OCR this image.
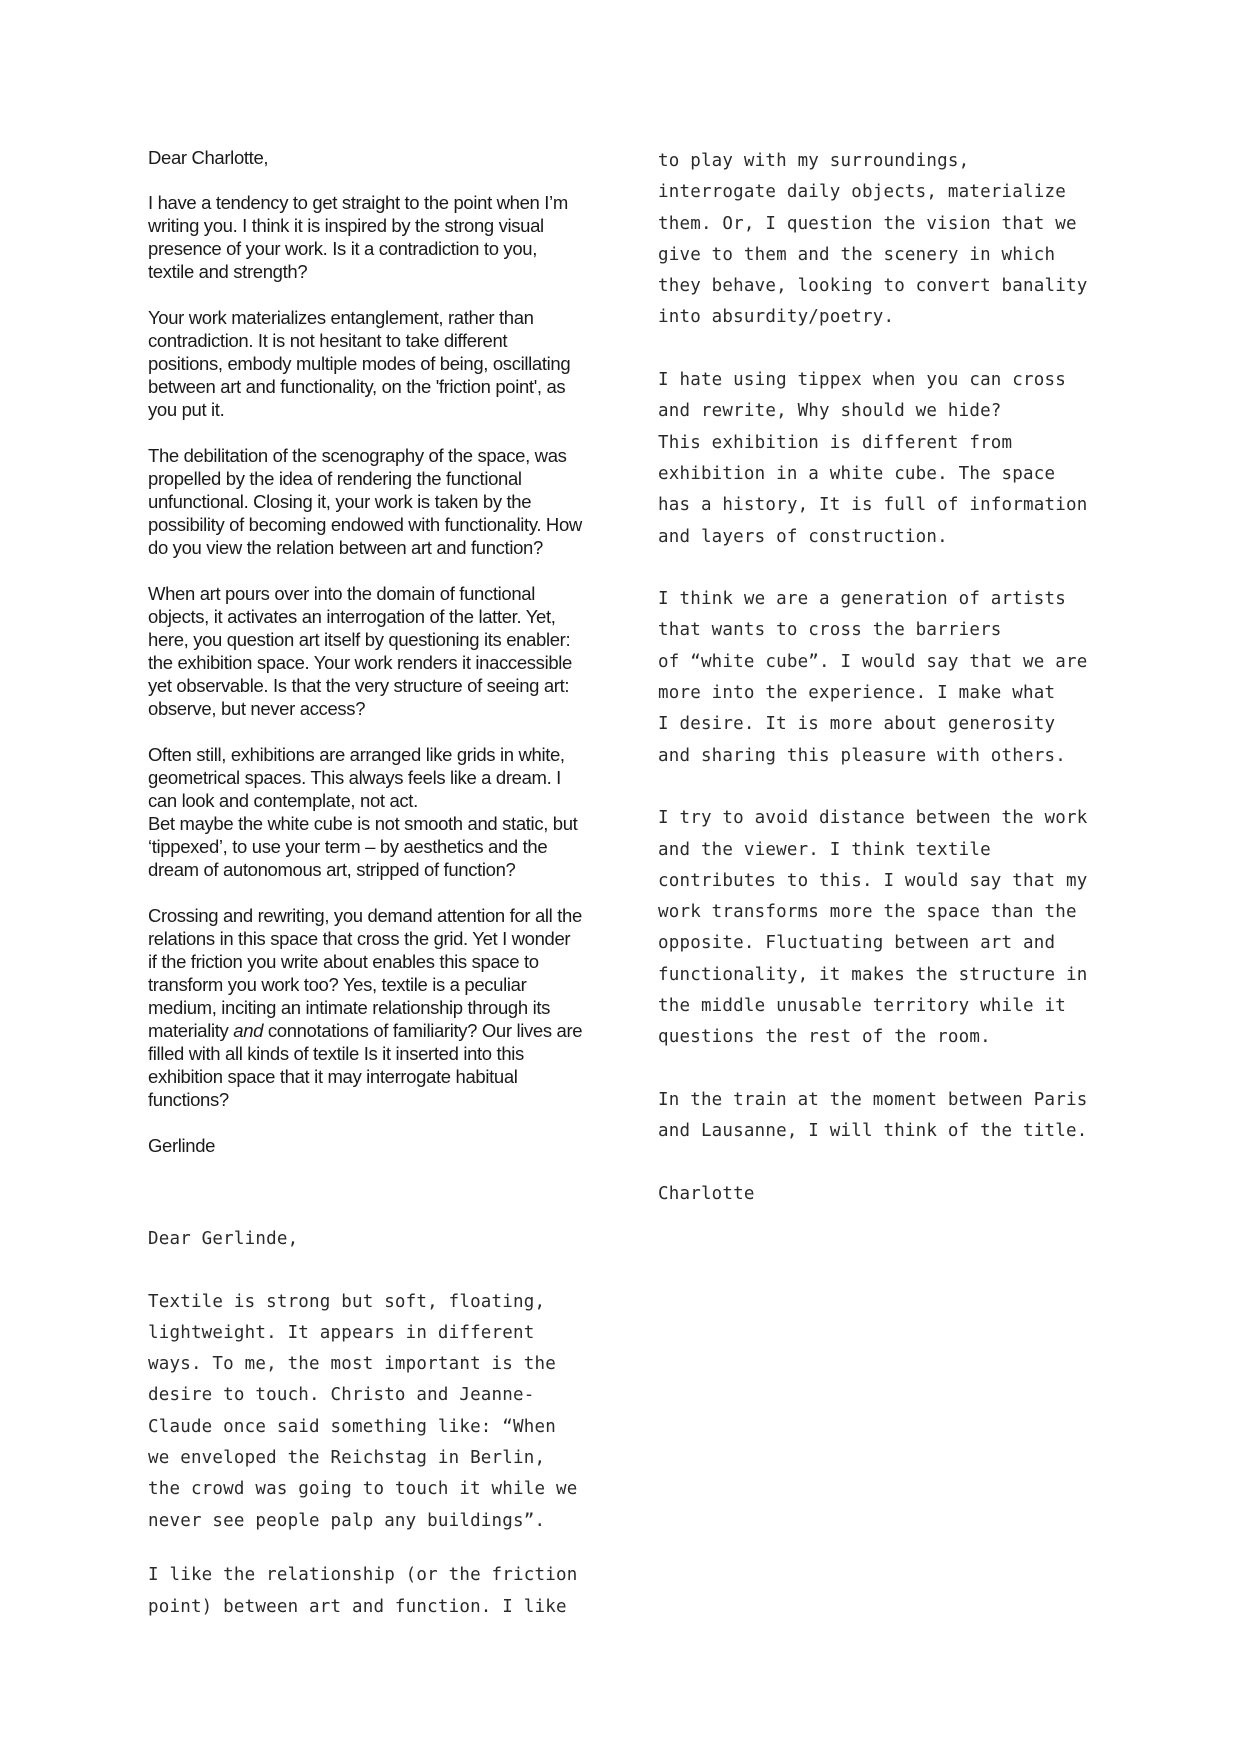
Dear Charlotte,

I have a tendency to get straight to the point when I’m
writing you. I think it is inspired by the strong visual
presence of your work. Is it a contradiction to you,
textile and strength?

Your work materializes entanglement, rather than
contradiction. It is not hesitant to take different
positions, embody multiple modes of being, oscillating
between art and functionality, on the 'friction point', as
you put it.

The debilitation of the scenography of the space, was
propelled by the idea of rendering the functional
unfunctional. Closing it, your work is taken by the
possibility of becoming endowed with functionality. How
do you view the relation between art and function?

When art pours over into the domain of functional
objects, it activates an interrogation of the latter. Yet,
here, you question art itself by questioning its enabler:
the exhibition space. Your work renders it inaccessible
yet observable. Is that the very structure of seeing art:
observe, but never access?

Often still, exhibitions are arranged like grids in white,
geometrical spaces. This always feels like a dream. I
can look and contemplate, not act.
Bet maybe the white cube is not smooth and static, but
‘tippexed’, to use your term – by aesthetics and the
dream of autonomous art, stripped of function?

Crossing and rewriting, you demand attention for all the
relations in this space that cross the grid. Yet I wonder
if the friction you write about enables this space to
transform you work too? Yes, textile is a peculiar
medium, inciting an intimate relationship through its
materiality and connotations of familiarity? Our lives are
filled with all kinds of textile Is it inserted into this
exhibition space that it may interrogate habitual
functions?

Gerlinde

Dear Gerlinde,

Textile is strong but soft, floating,
lightweight. It appears in different
ways. To me, the most important is the
desire to touch. Christo and Jeanne-
Claude once said something like: “When
we enveloped the Reichstag in Berlin,
the crowd was going to touch it while we
never see people palp any buildings”.

I like the relationship (or the friction
point) between art and function. I like

to play with my surroundings,
interrogate daily objects, materialize
them. Or, I question the vision that we
give to them and the scenery in which
they behave, looking to convert banality
into absurdity/poetry.

I hate using tippex when you can cross
and rewrite, Why should we hide?
This exhibition is different from
exhibition in a white cube. The space
has a history, It is full of information
and layers of construction.

I think we are a generation of artists
that wants to cross the barriers
of “white cube”. I would say that we are
more into the experience. I make what
I desire. It is more about generosity
and sharing this pleasure with others.

I try to avoid distance between the work
and the viewer. I think textile
contributes to this. I would say that my
work transforms more the space than the
opposite. Fluctuating between art and
functionality, it makes the structure in
the middle unusable territory while it
questions the rest of the room.

In the train at the moment between Paris
and Lausanne, I will think of the title.

Charlotte
